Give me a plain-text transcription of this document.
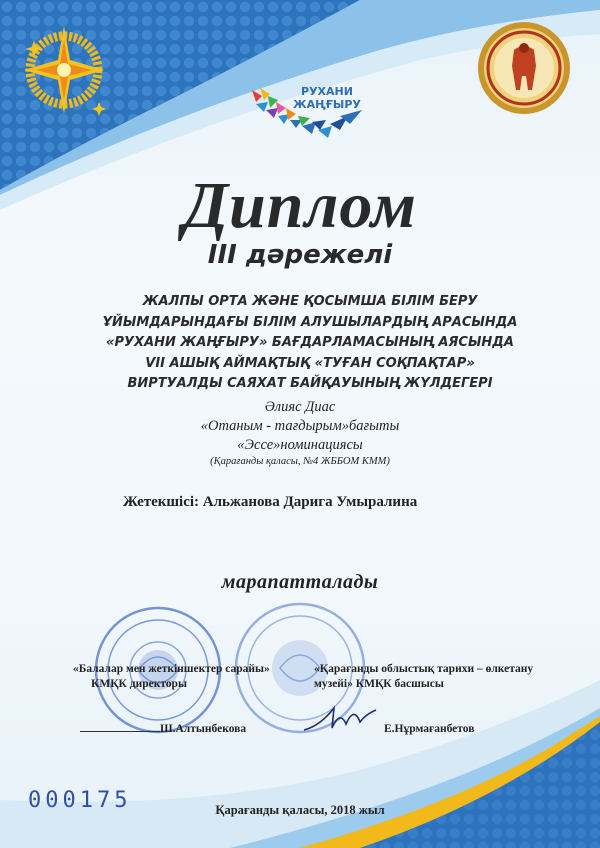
РУХАНИ
ЖАҢҒЫРУ
Диплом
III дәрежелі
ЖАЛПЫ ОРТА ЖӘНЕ ҚОСЫМША БІЛІМ БЕРУ
ҰЙЫМДАРЫНДАҒЫ БІЛІМ АЛУШЫЛАРДЫҢ АРАСЫНДА
«РУХАНИ ЖАҢҒЫРУ» БАҒДАРЛАМАСЫНЫҢ АЯСЫНДА
VII АШЫҚ АЙМАҚТЫҚ «ТУҒАН СОҚПАҚТАР»
ВИРТУАЛДЫ САЯХАТ БАЙҚАУЫНЫҢ ЖҮЛДЕГЕРІ
Әлияс Диас
«Отаным - тағдырым»бағыты
«Эссе»номинациясы
(Қарағанды қаласы, №4 ЖББОМ КММ)
Жетекшісі: Альжанова Дарига Умыралина
марапатталады
«Балалар мен жеткіншектер сарайы»
КМҚК директоры
«Қарағанды облыстық тарихи – өлкетану
музейі» КМҚК басшысы
Ш.Алтынбекова	Е.Нұрмағанбетов
000175	Қарағанды қаласы, 2018 жыл
